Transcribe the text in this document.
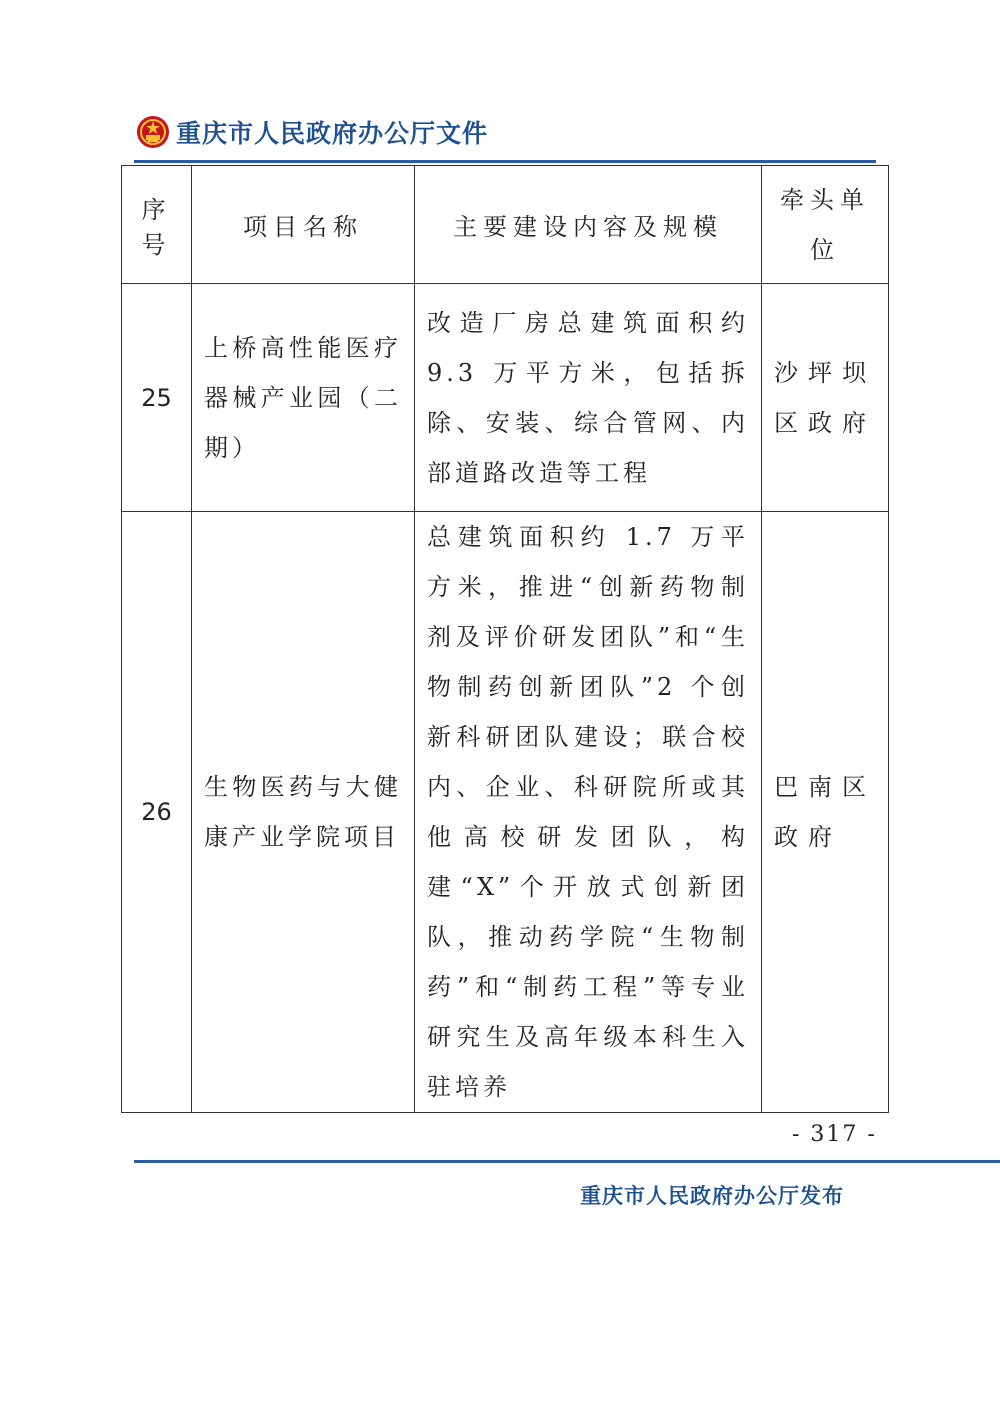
重庆市人民政府办公厅文件
序号	项目名称	主要建设内容及规模	牵头单位

25	上桥高性能医疗器械产业园（二期）	改造厂房总建筑面积约 9.3 万平方米，包括拆除、安装、综合管网、内部道路改造等工程	沙坪坝区政府

26	生物医药与大健康产业学院项目	总建筑面积约 1.7 万平方米，推进“创新药物制剂及评价研发团队”和“生物制药创新团队”2 个创新科研团队建设；联合校内、企业、科研院所或其他高校研发团队，构建“X”个开放式创新团队，推动药学院“生物制药”和“制药工程”等专业研究生及高年级本科生入驻培养	巴南区政府
- 317 -
重庆市人民政府办公厅发布
